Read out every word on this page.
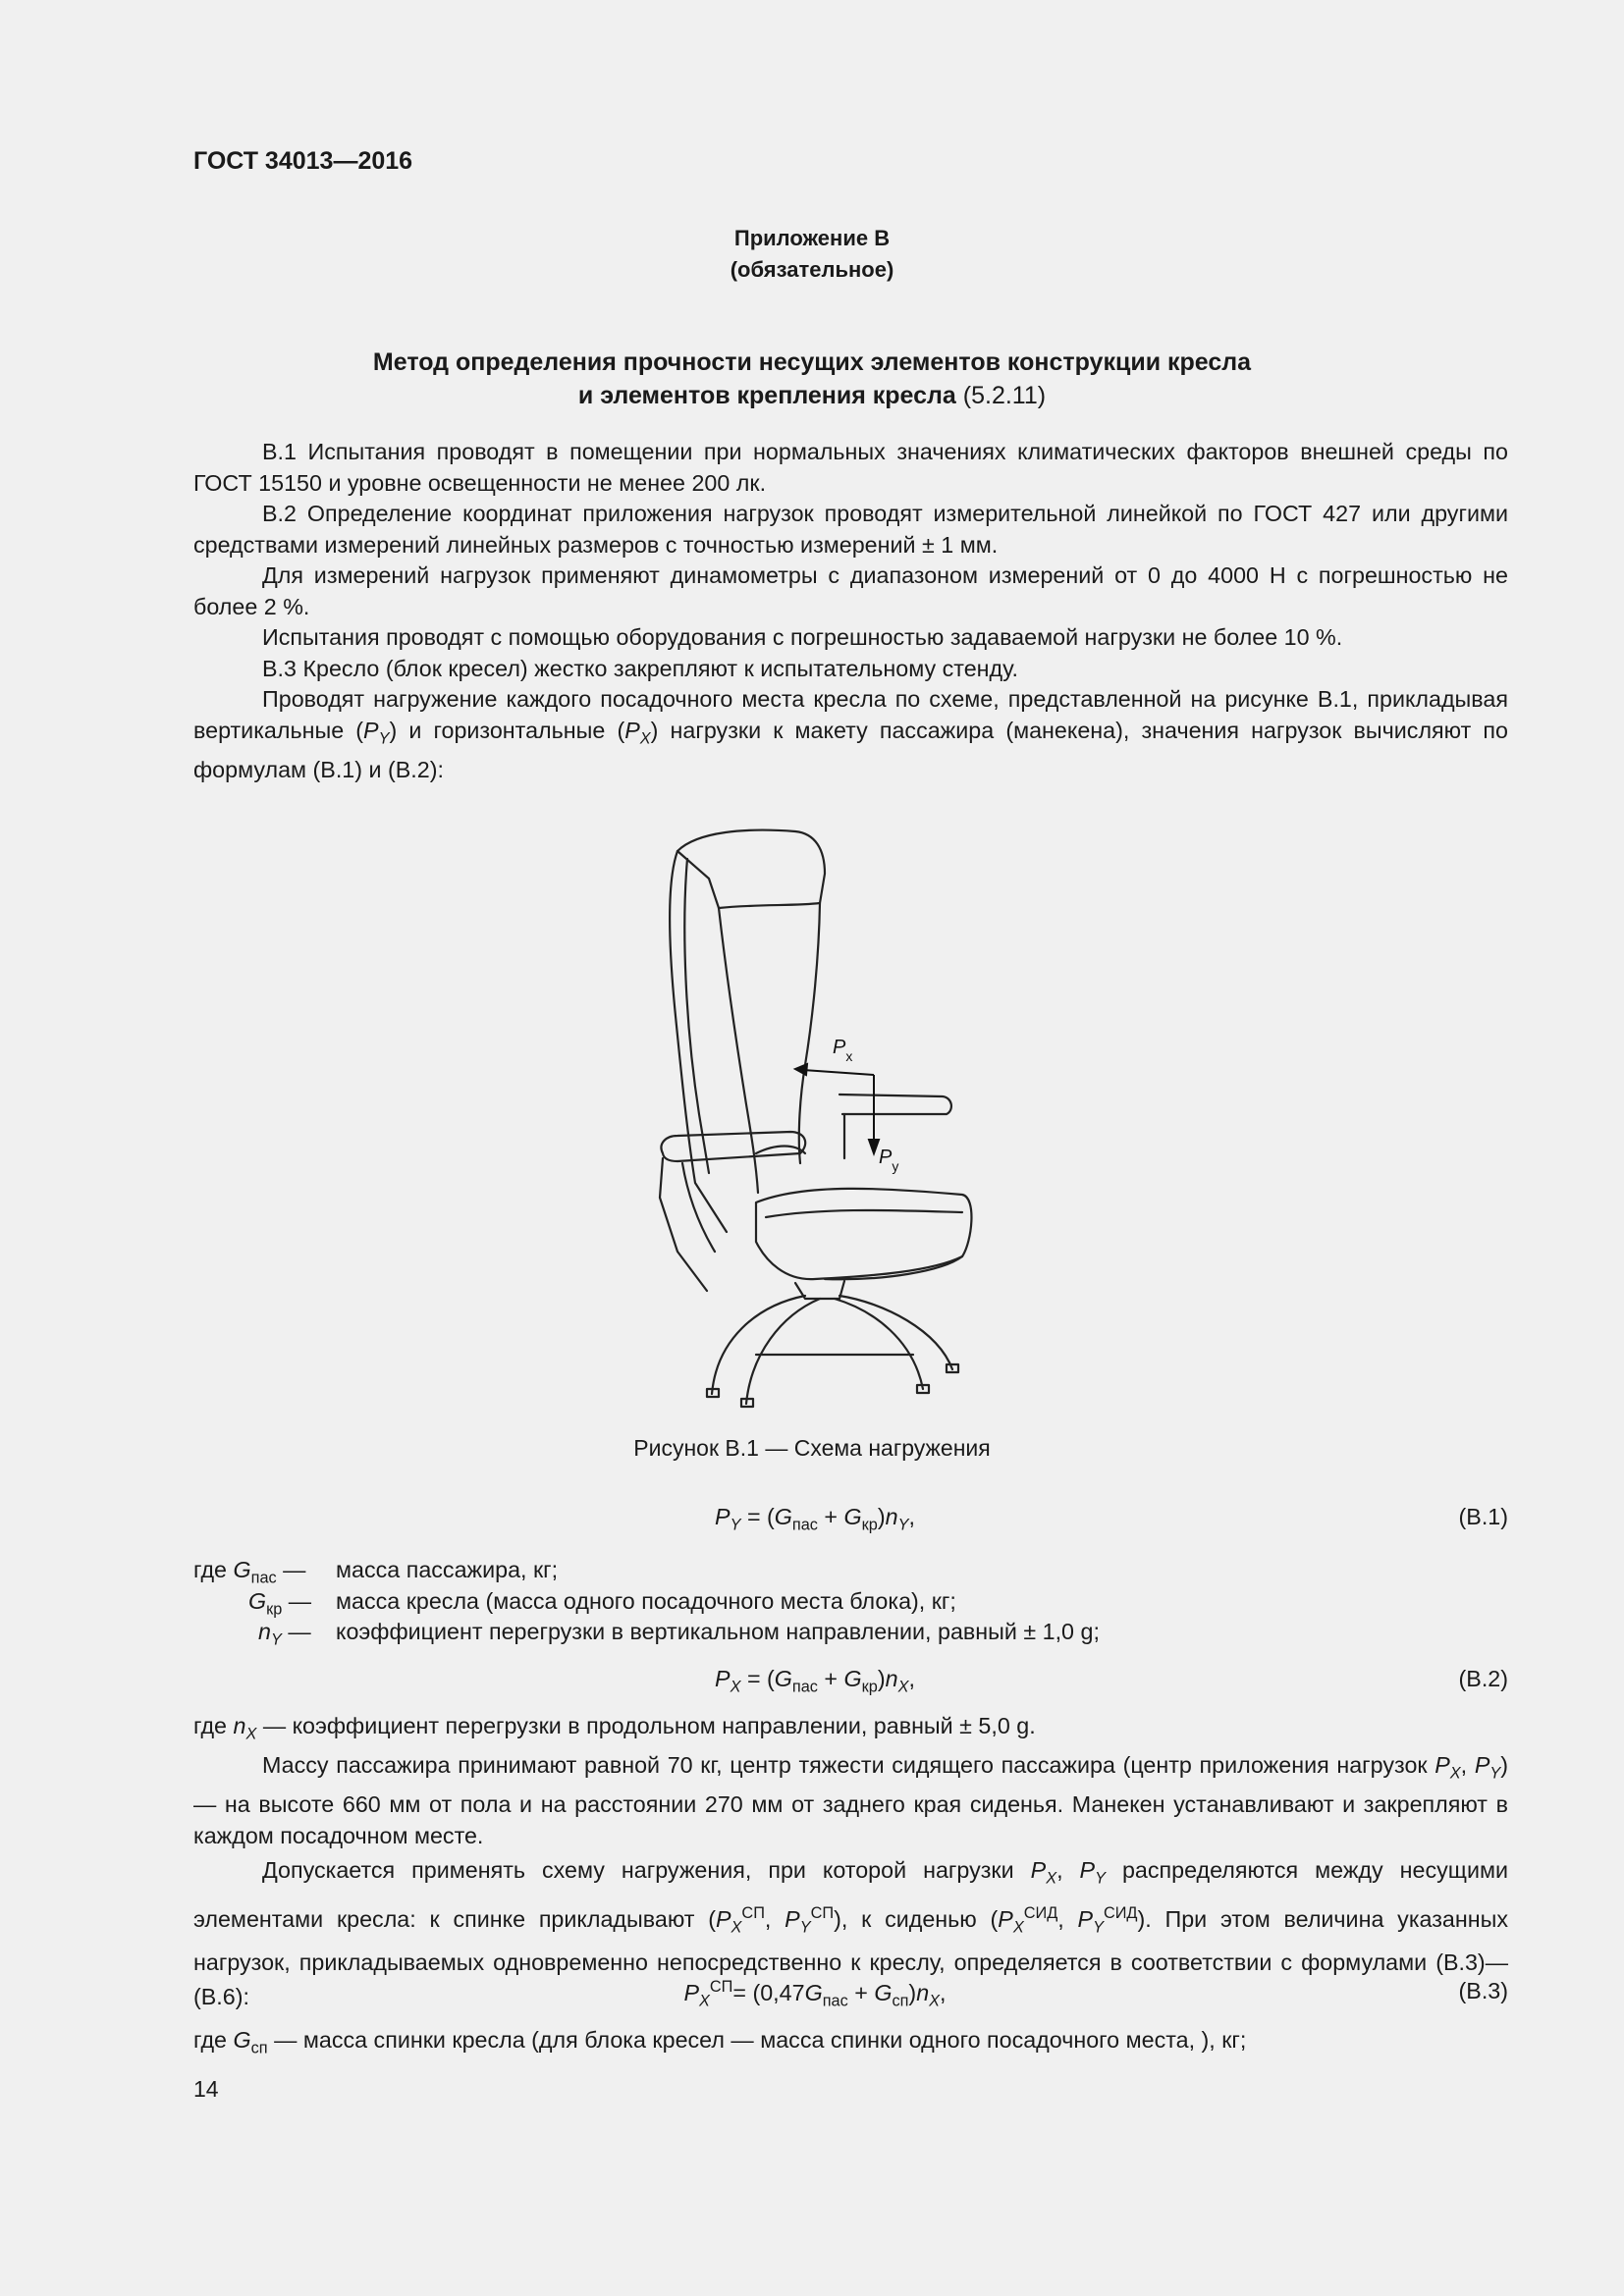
ГОСТ 34013—2016
Приложение В
(обязательное)
Метод определения прочности несущих элементов конструкции кресла
и элементов крепления кресла (5.2.11)

В.1 Испытания проводят в помещении при нормальных значениях климатических факторов внешней среды по ГОСТ 15150 и уровне освещенности не менее 200 лк.

В.2 Определение координат приложения нагрузок проводят измерительной линейкой по ГОСТ 427 или другими средствами измерений линейных размеров с точностью измерений ± 1 мм.

Для измерений нагрузок применяют динамометры с диапазоном измерений от 0 до 4000 Н с погрешностью не более 2 %.

Испытания проводят с помощью оборудования с погрешностью задаваемой нагрузки не более 10 %.

В.3 Кресло (блок кресел) жестко закрепляют к испытательному стенду.

Проводят нагружение каждого посадочного места кресла по схеме, представленной на рисунке В.1, прикладывая вертикальные $(P_Y)$ и горизонтальные $(P_X)$ нагрузки к макету пассажира (манекена), значения нагрузок вычисляют по формулам (В.1) и (В.2):

$P_x$
$P_y$
Рисунок В.1 — Схема нагружения
$P_Y = (G_{пас} + G_{кр})n_Y$,	(В.1)
где $G_{пас}$ — масса пассажира, кг;
$G_{кр}$ — масса кресла (масса одного посадочного места блока), кг;
$n_Y$ — коэффициент перегрузки в вертикальном направлении, равный ± 1,0 g;
$P_X = (G_{пас} + G_{кр})n_X$,	(В.2)

где $n_X$ — коэффициент перегрузки в продольном направлении, равный ± 5,0 g.

Массу пассажира принимают равной 70 кг, центр тяжести сидящего пассажира (центр приложения нагрузок $P_X$, $P_Y$) — на высоте 660 мм от пола и на расстоянии 270 мм от заднего края сиденья. Манекен устанавливают и закрепляют в каждом посадочном месте.

Допускается применять схему нагружения, при которой нагрузки $P_X$, $P_Y$ распределяются между несущими элементами кресла: к спинке прикладывают ($P_X^{СП}$, $P_Y^{СП}$), к сиденью ($P_X^{СИД}$, $P_Y^{СИД}$). При этом величина указанных нагрузок, прикладываемых одновременно непосредственно к креслу, определяется в соответствии с формулами (В.3)—(В.6):	$P_X^{СП}= (0,47G_{пас} + G_{сп})n_X$,	(В.3)

где $G_{сп}$ — масса спинки кресла (для блока кресел — масса спинки одного посадочного места, ), кг;

14
